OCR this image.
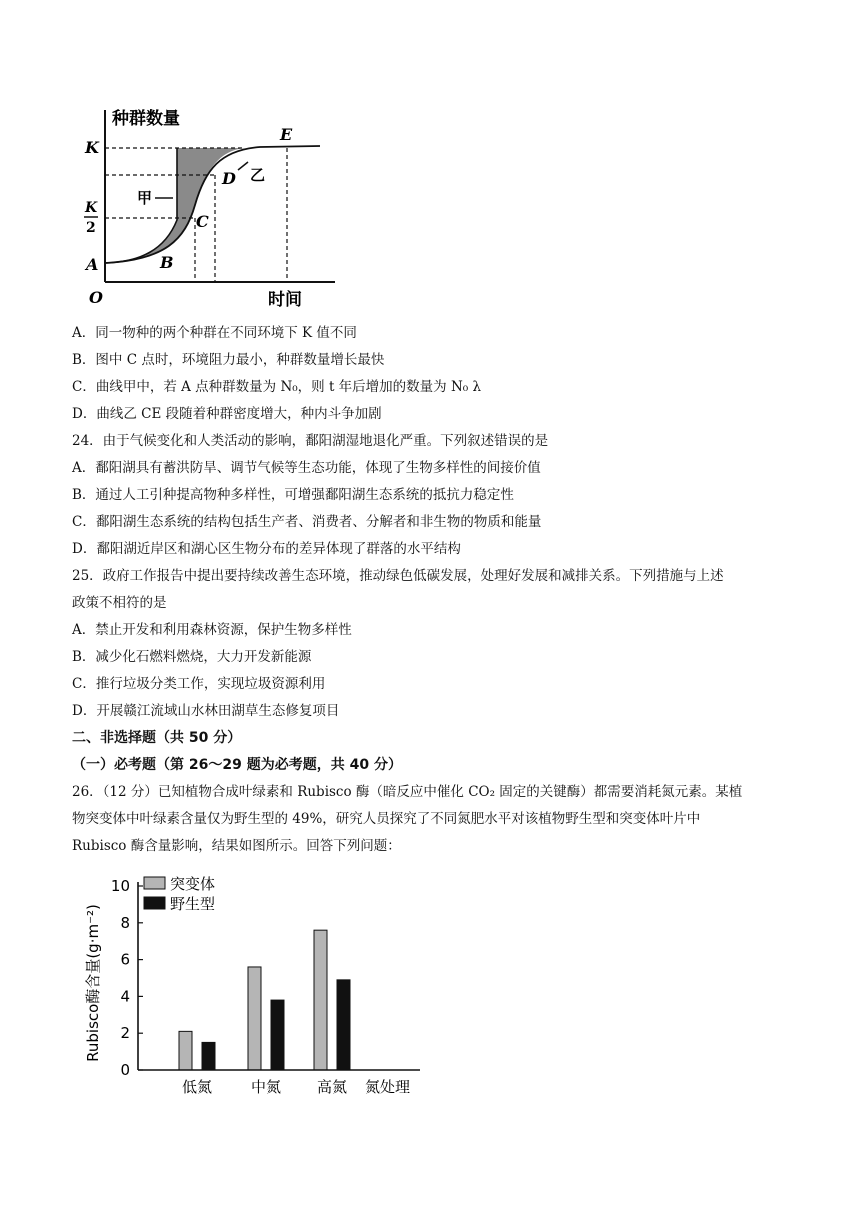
种群数量
时间
K
K
2
O
A	B
C
D
E
甲
乙
A．同一物种的两个种群在不同环境下 K 值不同
B．图中 C 点时，环境阻力最小，种群数量增长最快
C．曲线甲中，若 A 点种群数量为 N₀，则 t 年后增加的数量为 N₀ λ
D．曲线乙 CE 段随着种群密度增大，种内斗争加剧
24．由于气候变化和人类活动的影响，鄱阳湖湿地退化严重。下列叙述错误的是
A．鄱阳湖具有蓄洪防旱、调节气候等生态功能，体现了生物多样性的间接价值
B．通过人工引种提高物种多样性，可增强鄱阳湖生态系统的抵抗力稳定性
C．鄱阳湖生态系统的结构包括生产者、消费者、分解者和非生物的物质和能量
D．鄱阳湖近岸区和湖心区生物分布的差异体现了群落的水平结构
25．政府工作报告中提出要持续改善生态环境，推动绿色低碳发展，处理好发展和减排关系。下列措施与上述
政策不相符的是
A．禁止开发和利用森林资源，保护生物多样性
B．减少化石燃料燃烧，大力开发新能源
C．推行垃圾分类工作，实现垃圾资源利用
D．开展赣江流域山水林田湖草生态修复项目
二、非选择题（共 50 分）
（一）必考题（第 26～29 题为必考题，共 40 分）
26．（12 分）已知植物合成叶绿素和 Rubisco 酶（暗反应中催化 CO₂ 固定的关键酶）都需要消耗氮元素。某植
物突变体中叶绿素含量仅为野生型的 49%，研究人员探究了不同氮肥水平对该植物野生型和突变体叶片中
Rubisco 酶含量影响，结果如图所示。回答下列问题：
0
2
4
6
8
10
低氮	中氮 高氮
Rubisco酶含量(g·m⁻²)
氮处理
突变体
野生型
